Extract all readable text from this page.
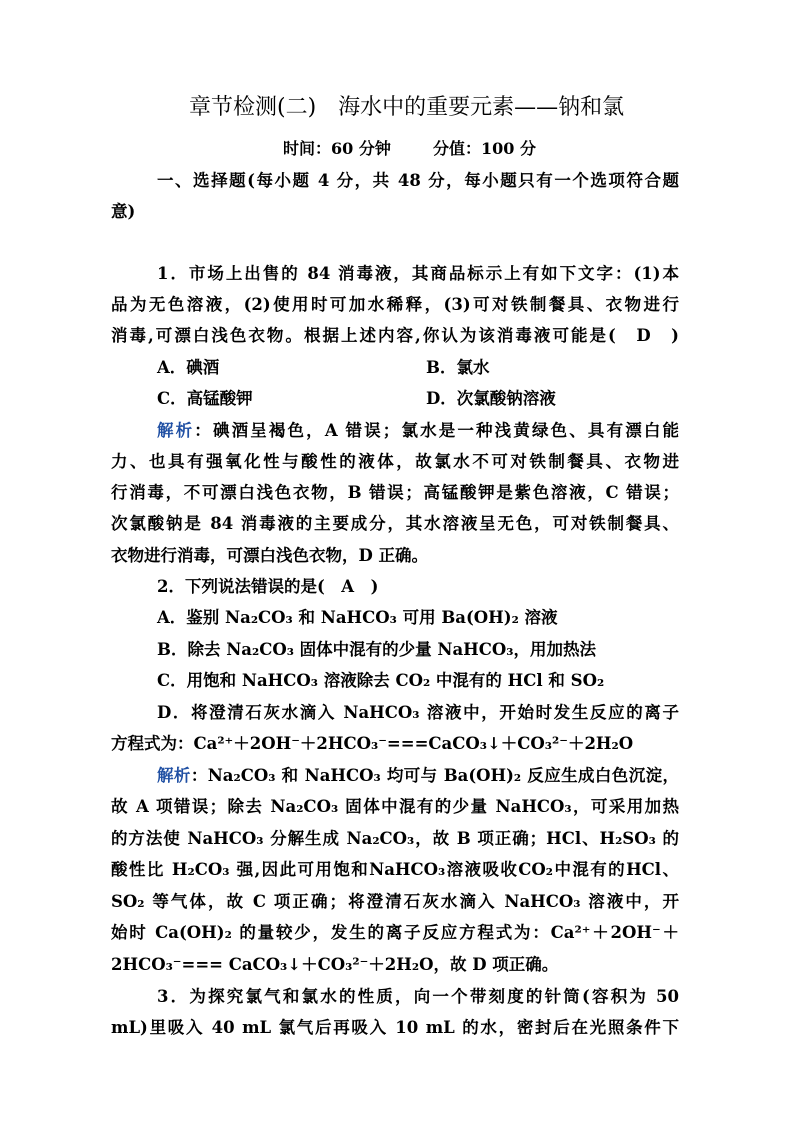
章节检测(二)　海水中的重要元素——钠和氯
时间：60 分钟	分值：100 分
一、选择题(每小题 4 分，共 48 分，每小题只有一个选项符合题
意)
1．市场上出售的 84 消毒液，其商品标示上有如下文字：(1)本
品为无色溶液，(2)使用时可加水稀释，(3)可对铁制餐具、衣物进行
消毒,可漂白浅色衣物。根据上述内容,你认为该消毒液可能是(　D　)
A．碘酒	B．氯水
C．高锰酸钾	D．次氯酸钠溶液
解析：碘酒呈褐色，A 错误；氯水是一种浅黄绿色、具有漂白能
力、也具有强氧化性与酸性的液体，故氯水不可对铁制餐具、衣物进
行消毒，不可漂白浅色衣物，B 错误；高锰酸钾是紫色溶液，C 错误；
次氯酸钠是 84 消毒液的主要成分，其水溶液呈无色，可对铁制餐具、
衣物进行消毒，可漂白浅色衣物，D 正确。
2．下列说法错误的是(　A　)
A．鉴别 Na₂CO₃ 和 NaHCO₃ 可用 Ba(OH)₂ 溶液
B．除去 Na₂CO₃ 固体中混有的少量 NaHCO₃，用加热法
C．用饱和 NaHCO₃ 溶液除去 CO₂ 中混有的 HCl 和 SO₂
D．将澄清石灰水滴入 NaHCO₃ 溶液中，开始时发生反应的离子
方程式为：Ca²⁺＋2OH⁻＋2HCO₃⁻===CaCO₃↓＋CO₃²⁻＋2H₂O
解析：Na₂CO₃ 和 NaHCO₃ 均可与 Ba(OH)₂ 反应生成白色沉淀，
故 A 项错误；除去 Na₂CO₃ 固体中混有的少量 NaHCO₃，可采用加热
的方法使 NaHCO₃ 分解生成 Na₂CO₃，故 B 项正确；HCl、H₂SO₃ 的
酸性比 H₂CO₃ 强,因此可用饱和NaHCO₃溶液吸收CO₂中混有的HCl、
SO₂ 等气体，故 C 项正确；将澄清石灰水滴入 NaHCO₃ 溶液中，开
始时 Ca(OH)₂ 的量较少，发生的离子反应方程式为：Ca²⁺＋2OH⁻＋
2HCO₃⁻=== CaCO₃↓＋CO₃²⁻＋2H₂O，故 D 项正确。
3．为探究氯气和氯水的性质，向一个带刻度的针筒(容积为 50
mL)里吸入 40 mL 氯气后再吸入 10 mL 的水，密封后在光照条件下
